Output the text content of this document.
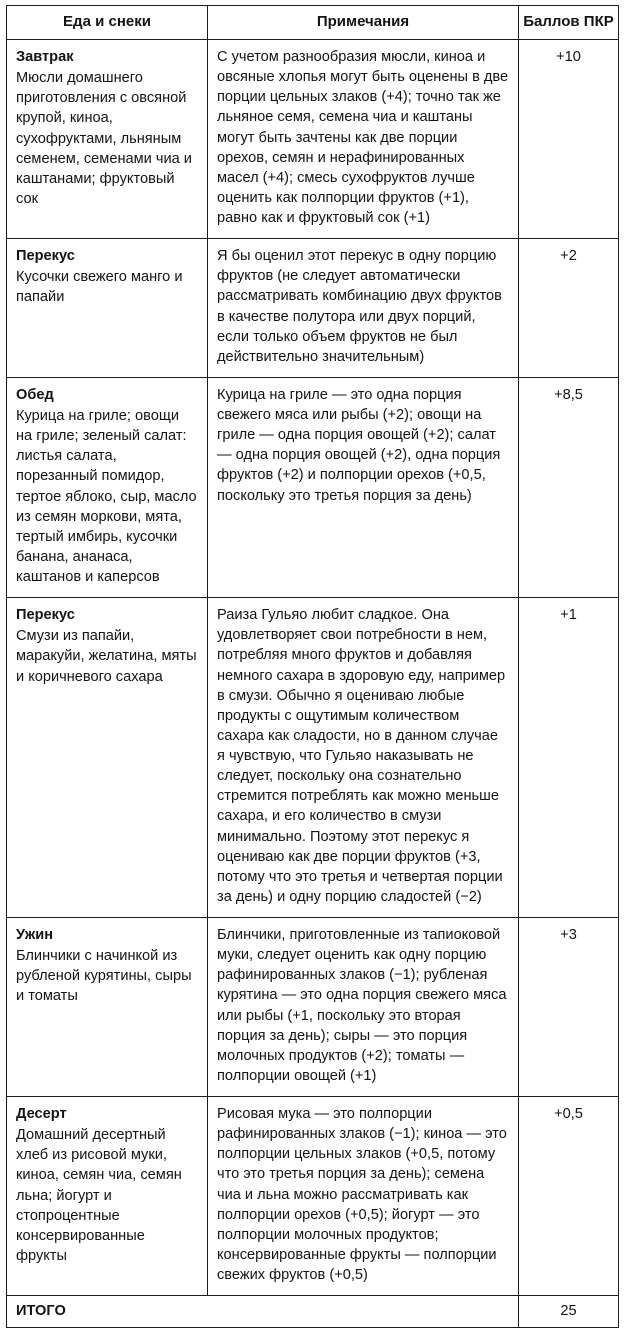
Еда и снеки	Примечания	Баллов ПКР

Завтрак
Мюсли домашнего приготовления с овсяной крупой, киноа, сухофруктами, льняным семенем, семенами чиа и каштанами; фруктовый сок	С учетом разнообразия мюсли, киноа и овсяные хлопья могут быть оценены в две порции цельных злаков (+4); точно так же льняное семя, семена чиа и каштаны могут быть зачтены как две порции орехов, семян и нерафинированных масел (+4); смесь сухофруктов лучше оценить как полпорции фруктов (+1), равно как и фруктовый сок (+1)	+10

Перекус
Кусочки свежего манго и папайи	Я бы оценил этот перекус в одну порцию фруктов (не следует автоматически рассматривать комбинацию двух фруктов в качестве полутора или двух порций, если только объем фруктов не был действительно значительным)	+2

Обед
Курица на гриле; овощи на гриле; зеленый салат: листья салата, порезанный помидор, тертое яблоко, сыр, масло из семян моркови, мята, тертый имбирь, кусочки банана, ананаса, каштанов и каперсов	Курица на гриле — это одна порция свежего мяса или рыбы (+2); овощи на гриле — одна порция овощей (+2); салат — одна порция овощей (+2), одна порция фруктов (+2) и полпорции орехов (+0,5, поскольку это третья порция за день)	+8,5

Перекус
Смузи из папайи, маракуйи, желатина, мяты и коричневого сахара	Раиза Гульяо любит сладкое. Она удовлетворяет свои потребности в нем, потребляя много фруктов и добавляя немного сахара в здоровую еду, например в смузи. Обычно я оцениваю любые продукты с ощутимым количеством сахара как сладости, но в данном случае я чувствую, что Гульяо наказывать не следует, поскольку она сознательно стремится потреблять как можно меньше сахара, и его количество в смузи минимально. Поэтому этот перекус я оцениваю как две порции фруктов (+3, потому что это третья и четвертая порции за день) и одну порцию сладостей (−2)	+1

Ужин
Блинчики с начинкой из рубленой курятины, сыры и томаты	Блинчики, приготовленные из тапиоковой муки, следует оценить как одну порцию рафинированных злаков (−1); рубленая курятина — это одна порция свежего мяса или рыбы (+1, поскольку это вторая порция за день); сыры — это порция молочных продуктов (+2); томаты — полпорции овощей (+1)	+3

Десерт
Домашний десертный хлеб из рисовой муки, киноа, семян чиа, семян льна; йогурт и стопроцентные консервированные фрукты	Рисовая мука — это полпорции рафинированных злаков (−1); киноа — это полпорции цельных злаков (+0,5, потому что это третья порция за день); семена чиа и льна можно рассматривать как полпорции орехов (+0,5); йогурт — это полпорции молочных продуктов; консервированные фрукты — полпорции свежих фруктов (+0,5)	+0,5
ИТОГО		25
